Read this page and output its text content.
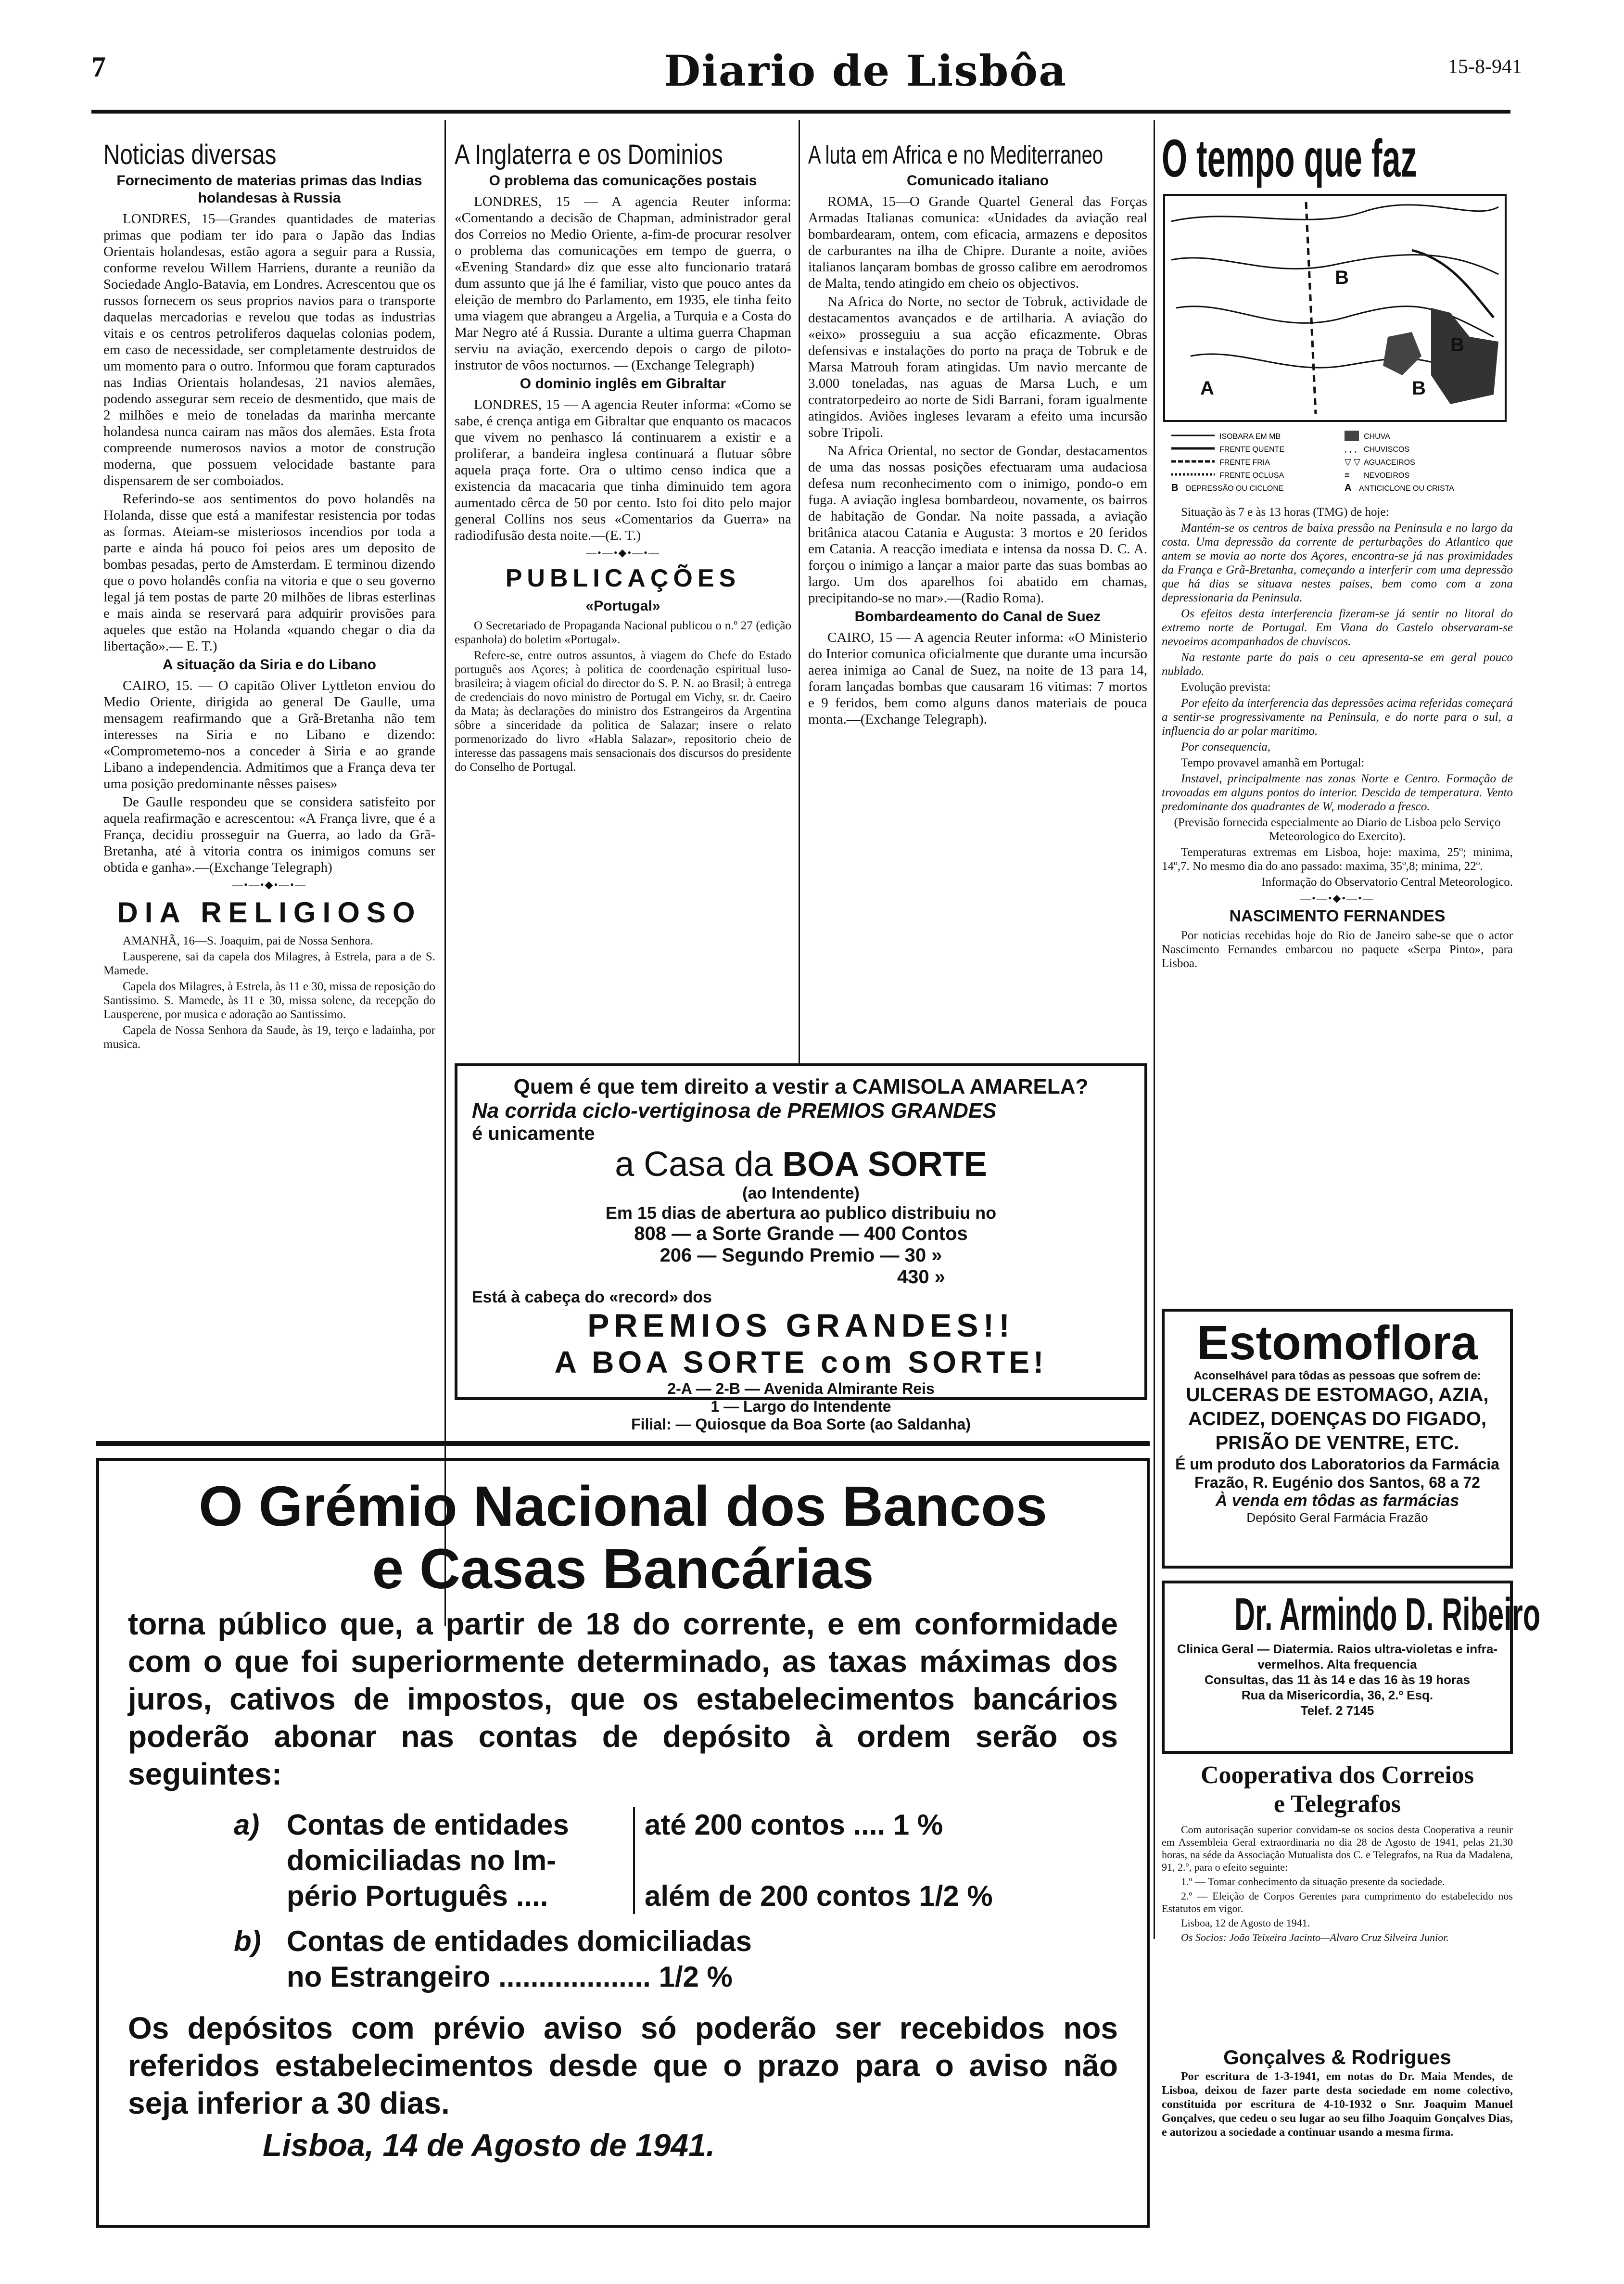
7	Diario de Lisbôa	15-8-941
Noticias diversas
Fornecimento de materias primas das Indias holandesas à Russia

LONDRES, 15—Grandes quantidades de materias primas que podiam ter ido para o Japão das Indias Orientais holandesas, estão agora a seguir para a Russia, conforme revelou Willem Harriens, durante a reunião da Sociedade Anglo-Batavia, em Londres. Acrescentou que os russos fornecem os seus proprios navios para o transporte daquelas mercadorias e revelou que todas as industrias vitais e os centros petroliferos daquelas colonias podem, em caso de necessidade, ser completamente destruidos de um momento para o outro. Informou que foram capturados nas Indias Orientais holandesas, 21 navios alemães, podendo assegurar sem receio de desmentido, que mais de 2 milhões e meio de toneladas da marinha mercante holandesa nunca cairam nas mãos dos alemães. Esta frota compreende numerosos navios a motor de construção moderna, que possuem velocidade bastante para dispensarem de ser comboiados.

Referindo-se aos sentimentos do povo holandês na Holanda, disse que está a manifestar resistencia por todas as formas. Ateiam-se misteriosos incendios por toda a parte e ainda há pouco foi peios ares um deposito de bombas pesadas, perto de Amsterdam. E terminou dizendo que o povo holandês confia na vitoria e que o seu governo legal já tem postas de parte 20 milhões de libras esterlinas e mais ainda se reservará para adquirir provisões para aqueles que estão na Holanda «quando chegar o dia da libertação».— E. T.)

A situação da Siria e do Libano

CAIRO, 15. — O capitão Oliver Lyttleton enviou do Medio Oriente, dirigida ao general De Gaulle, uma mensagem reafirmando que a Grã-Bretanha não tem interesses na Siria e no Libano e dizendo: «Comprometemo-nos a conceder à Siria e ao grande Libano a independencia. Admitimos que a França deva ter uma posição predominante nêsses paises»

De Gaulle respondeu que se considera satisfeito por aquela reafirmação e acrescentou: «A França livre, que é a França, decidiu prosseguir na Guerra, ao lado da Grã-Bretanha, até à vitoria contra os inimigos comuns ser obtida e ganha».—(Exchange Telegraph)

—•—•◆•—•—
DIA RELIGIOSO

AMANHÃ, 16—S. Joaquim, pai de Nossa Senhora.

Lausperene, sai da capela dos Milagres, à Estrela, para a de S. Mamede.

Capela dos Milagres, à Estrela, às 11 e 30, missa de reposição do Santissimo. S. Mamede, às 11 e 30, missa solene, da recepção do Lausperene, por musica e adoração ao Santissimo.

Capela de Nossa Senhora da Saude, às 19, terço e ladainha, por musica.

A Inglaterra e os Dominios
O problema das comunicações postais

LONDRES, 15 — A agencia Reuter informa: «Comentando a decisão de Chapman, administrador geral dos Correios no Medio Oriente, a-fim-de procurar resolver o problema das comunicações em tempo de guerra, o «Evening Standard» diz que esse alto funcionario tratará dum assunto que já lhe é familiar, visto que pouco antes da eleição de membro do Parlamento, em 1935, ele tinha feito uma viagem que abrangeu a Argelia, a Turquia e a Costa do Mar Negro até á Russia. Durante a ultima guerra Chapman serviu na aviação, exercendo depois o cargo de piloto-instrutor de vôos nocturnos. — (Exchange Telegraph)

O dominio inglês em Gibraltar

LONDRES, 15 — A agencia Reuter informa: «Como se sabe, é crença antiga em Gibraltar que enquanto os macacos que vivem no penhasco lá continuarem a existir e a proliferar, a bandeira inglesa continuará a flutuar sôbre aquela praça forte. Ora o ultimo censo indica que a existencia da macacaria que tinha diminuido tem agora aumentado cêrca de 50 por cento. Isto foi dito pelo major general Collins nos seus «Comentarios da Guerra» na radiodifusão desta noite.—(E. T.)

—•—•◆•—•—
PUBLICAÇÕES
«Portugal»

O Secretariado de Propaganda Nacional publicou o n.º 27 (edição espanhola) do boletim «Portugal».

Refere-se, entre outros assuntos, à viagem do Chefe do Estado português aos Açores; à politica de coordenação espiritual luso-brasileira; à viagem oficial do director do S. P. N. ao Brasil; à entrega de credenciais do novo ministro de Portugal em Vichy, sr. dr. Caeiro da Mata; às declarações do ministro dos Estrangeiros da Argentina sôbre a sinceridade da politica de Salazar; insere o relato pormenorizado do livro «Habla Salazar», repositorio cheio de interesse das passagens mais sensacionais dos discursos do presidente do Conselho de Portugal.

A luta em Africa e no Mediterraneo
Comunicado italiano

ROMA, 15—O Grande Quartel General das Forças Armadas Italianas comunica: «Unidades da aviação real bombardearam, ontem, com eficacia, armazens e depositos de carburantes na ilha de Chipre. Durante a noite, aviões italianos lançaram bombas de grosso calibre em aerodromos de Malta, tendo atingido em cheio os objectivos.

Na Africa do Norte, no sector de Tobruk, actividade de destacamentos avançados e de artilharia. A aviação do «eixo» prosseguiu a sua acção eficazmente. Obras defensivas e instalações do porto na praça de Tobruk e de Marsa Matrouh foram atingidas. Um navio mercante de 3.000 toneladas, nas aguas de Marsa Luch, e um contratorpedeiro ao norte de Sidi Barrani, foram igualmente atingidos. Aviões ingleses levaram a efeito uma incursão sobre Tripoli.

Na Africa Oriental, no sector de Gondar, destacamentos de uma das nossas posições efectuaram uma audaciosa defesa num reconhecimento com o inimigo, pondo-o em fuga. A aviação inglesa bombardeou, novamente, os bairros de habitação de Gondar. Na noite passada, a aviação britânica atacou Catania e Augusta: 3 mortos e 20 feridos em Catania. A reacção imediata e intensa da nossa D. C. A. forçou o inimigo a lançar a maior parte das suas bombas ao largo. Um dos aparelhos foi abatido em chamas, precipitando-se no mar».—(Radio Roma).

Bombardeamento do Canal de Suez

CAIRO, 15 — A agencia Reuter informa: «O Ministerio do Interior comunica oficialmente que durante uma incursão aerea inimiga ao Canal de Suez, na noite de 13 para 14, foram lançadas bombas que causaram 16 vitimas: 7 mortos e 9 feridos, bem como alguns danos materiais de pouca monta.—(Exchange Telegraph).

O tempo que faz
B
B
B
A
ISOBARA EM MB
FRENTE QUENTE
FRENTE FRIA
FRENTE OCLUSA
B DEPRESSÃO OU CICLONE
CHUVA
, , , CHUVISCOS
▽ ▽ AGUACEIROS
≡ NEVOEIROS
A ANTICICLONE OU CRISTA

Situação às 7 e às 13 horas (TMG) de hoje:

Mantém-se os centros de baixa pressão na Peninsula e no largo da costa. Uma depressão da corrente de perturbações do Atlantico que antem se movia ao norte dos Açores, encontra-se já nas proximidades da França e Grã-Bretanha, começando a interferir com uma depressão que há dias se situava nestes paises, bem como com a zona depressionaria da Peninsula.

Os efeitos desta interferencia fizeram-se já sentir no litoral do extremo norte de Portugal. Em Viana do Castelo observaram-se nevoeiros acompanhados de chuviscos.

Na restante parte do pais o ceu apresenta-se em geral pouco nublado.

Evolução prevista:

Por efeito da interferencia das depressões acima referidas começará a sentir-se progressivamente na Peninsula, e do norte para o sul, a influencia do ar polar maritimo.

Por consequencia,

Tempo provavel amanhã em Portugal:

Instavel, principalmente nas zonas Norte e Centro. Formação de trovoadas em alguns pontos do interior. Descida de temperatura. Vento predominante dos quadrantes de W, moderado a fresco.

(Previsão fornecida especialmente ao Diario de Lisboa pelo Serviço Meteorologico do Exercito).

Temperaturas extremas em Lisboa, hoje: maxima, 25º; minima, 14º,7. No mesmo dia do ano passado: maxima, 35º,8; minima, 22º.

Informação do Observatorio Central Meteorologico.

—•—•◆•—•—
NASCIMENTO FERNANDES

Por noticias recebidas hoje do Rio de Janeiro sabe-se que o actor Nascimento Fernandes embarcou no paquete «Serpa Pinto», para Lisboa.

Quem é que tem direito a vestir a CAMISOLA AMARELA?
Na corrida ciclo-vertiginosa de PREMIOS GRANDES
é unicamente
a Casa da BOA SORTE
(ao Intendente)
Em 15 dias de abertura ao publico distribuiu no
808 — a Sorte Grande — 400 Contos
206 — Segundo Premio — 30 »
430 »
Está à cabeça do «record» dos
PREMIOS GRANDES!!
A BOA SORTE com SORTE!
2-A — 2-B — Avenida Almirante Reis
1 — Largo do Intendente
Filial: — Quiosque da Boa Sorte (ao Saldanha)
O Grémio Nacional dos Bancos
e Casas Bancárias
torna público que, a partir de 18 do corrente, e em conformidade com o que foi superiormente determinado, as taxas máximas dos juros, cativos de impostos, que os estabelecimentos bancários poderão abonar nas contas de depósito à ordem serão os seguintes:
a) Contas de entidades
domiciliadas no Im-
pério Português ....
até 200 contos .... 1 %
além de 200 contos 1/2 %
b) Contas de entidades domiciliadas
no Estrangeiro ................... 1/2 %
Os depósitos com prévio aviso só poderão ser recebidos nos referidos estabelecimentos desde que o prazo para o aviso não seja inferior a 30 dias.
Lisboa, 14 de Agosto de 1941.
Estomoflora
Aconselhável para tôdas as pessoas que sofrem de:
ULCERAS DE ESTOMAGO, AZIA, ACIDEZ, DOENÇAS DO FIGADO, PRISÃO DE VENTRE, ETC.
É um produto dos Laboratorios da Farmácia Frazão, R. Eugénio dos Santos, 68 a 72
À venda em tôdas as farmácias
Depósito Geral Farmácia Frazão
Dr. Armindo D. Ribeiro
Clinica Geral — Diatermia. Raios ultra-violetas e infra-vermelhos. Alta frequencia
Consultas, das 11 às 14 e das 16 às 19 horas
Rua da Misericordia, 36, 2.º Esq.
Telef. 2 7145
Cooperativa dos Correios
e Telegrafos

Com autorisação superior convidam-se os socios desta Cooperativa a reunir em Assembleia Geral extraordinaria no dia 28 de Agosto de 1941, pelas 21,30 horas, na séde da Associação Mutualista dos C. e Telegrafos, na Rua da Madalena, 91, 2.º, para o efeito seguinte:

1.º — Tomar conhecimento da situação presente da sociedade.

2.º — Eleição de Corpos Gerentes para cumprimento do estabelecido nos Estatutos em vigor.

Lisboa, 12 de Agosto de 1941.

Os Socios: João Teixeira Jacinto—Alvaro Cruz Silveira Junior.

Gonçalves & Rodrigues

Por escritura de 1-3-1941, em notas do Dr. Maia Mendes, de Lisboa, deixou de fazer parte desta sociedade em nome colectivo, constituida por escritura de 4-10-1932 o Snr. Joaquim Manuel Gonçalves, que cedeu o seu lugar ao seu filho Joaquim Gonçalves Dias, e autorizou a sociedade a continuar usando a mesma firma.
